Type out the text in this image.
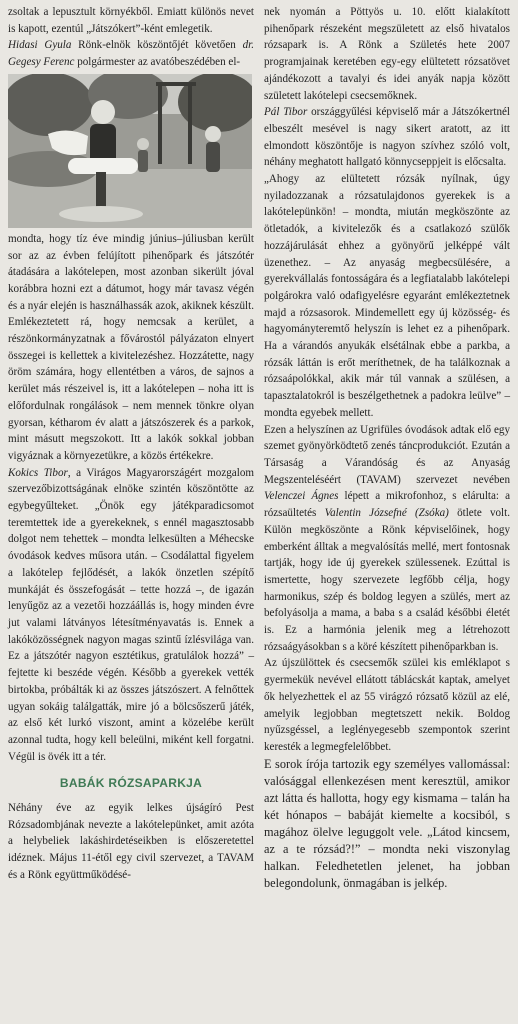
zsoltak a lepusztult környékből. Emiatt különös nevet is kapott, ezentúl „Játszókert”-ként emlegetik.

Hidasi Gyula Rönk-elnök köszöntőjét követően dr. Gegesy Ferenc polgármester az avatóbeszédében el-

mondta, hogy tíz éve mindig június–júliusban került sor az az évben felújított pihenőpark és játszótér átadására a lakótelepen, most azonban sikerült jóval korábbra hozni ezt a dátumot, hogy már tavasz végén és a nyár elején is használhassák azok, akiknek készült. Emlékeztetett rá, hogy nemcsak a kerület, a részönkormányzatnak a fővárostól pályázaton elnyert összegei is kellettek a kivitelezéshez. Hozzátette, nagy öröm számára, hogy ellentétben a város, de sajnos a kerület más részeivel is, itt a lakótelepen – noha itt is előfordulnak rongálások – nem mennek tönkre olyan gyorsan, kétharom év alatt a játszószerek és a parkok, mint másutt megszokott. Itt a lakók sokkal jobban vigyáznak a környezetükre, a közös értékekre.

Kokics Tibor, a Virágos Magyarországért mozgalom szervezőbizottságának elnöke szintén köszöntötte az egybegyűlteket. „Önök egy játékparadicsomot teremtettek ide a gyerekeknek, s ennél magasztosabb dolgot nem tehettek – mondta lelkesülten a Méhecske óvodások kedves műsora után. – Csodálattal figyelem a lakótelep fejlődését, a lakók önzetlen szépítő munkáját és összefogását – tette hozzá –, de igazán lenyűgöz az a vezetői hozzáállás is, hogy minden évre jut valami látványos létesítményavatás is. Ennek a lakóközösségnek nagyon magas szintű ízlésvilága van. Ez a játszótér nagyon esztétikus, gratulálok hozzá” – fejtette ki beszéde végén. Később a gyerekek vették birtokba, próbálták ki az összes játszószert. A felnőttek ugyan sokáig találgatták, mire jó a bölcsőszerű játék, az első két lurkó viszont, amint a közelébe került azonnal tudta, hogy kell beleülni, miként kell forgatni. Végül is övék itt a tér.

BABÁK RÓZSAPARKJA

Néhány éve az egyik lelkes újságíró Pest Rózsadombjának nevezte a lakótelepünket, amit azóta a helybeliek lakáshirdetéseikben is előszeretettel idéznek. Május 11-étől egy civil szervezet, a TAVAM és a Rönk együttműködésé-

nek nyomán a Pöttyös u. 10. előtt kialakított pihenőpark részeként megszületett az első hivatalos rózsapark is. A Rönk a Születés hete 2007 programjainak keretében egy-egy elültetett rózsatövet ajándékozott a tavalyi és idei anyák napja között született lakótelepi csecsemőknek.

Pál Tibor országgyűlési képviselő már a Játszókertnél elbeszélt mesével is nagy sikert aratott, az itt elmondott köszöntője is nagyon szívhez szóló volt, néhány meghatott hallgató könnycseppjeit is előcsalta.

„Ahogy az elültetett rózsák nyílnak, úgy nyiladozzanak a rózsatulajdonos gyerekek is a lakótelepünkön! – mondta, miután megköszönte az ötletadók, a kivitelezők és a csatlakozó szülők hozzájárulását ehhez a gyönyörű jelképpé vált üzenethez. – Az anyaság megbecsülésére, a gyerekvállalás fontosságára és a legfiatalabb lakótelepi polgárokra való odafigyelésre egyaránt emlékeztetnek majd a rózsasorok. Mindemellett egy új közösség- és hagyományteremtő helyszín is lehet ez a pihenőpark. Ha a várandós anyukák elsétálnak ebbe a parkba, a rózsák láttán is erőt meríthetnek, de ha találkoznak a rózsaápolókkal, akik már túl vannak a szülésen, a tapasztalatokról is beszélgethetnek a padokra leülve” – mondta egyebek mellett.

Ezen a helyszínen az Ugrifüles óvodások adtak elő egy szemet gyönyörködtető zenés táncprodukciót. Ezután a Társaság a Várandóság és az Anyaság Megszenteléséért (TAVAM) szervezet nevében Velenczei Ágnes lépett a mikrofonhoz, s elárulta: a rózsaültetés Valentin Józsefné (Zsóka) ötlete volt. Külön megköszönte a Rönk képviselőinek, hogy emberként álltak a megvalósítás mellé, mert fontosnak tartják, hogy ide új gyerekek szülessenek. Ezúttal is ismertette, hogy szervezete legfőbb célja, hogy harmonikus, szép és boldog legyen a szülés, mert az befolyásolja a mama, a baba s a család későbbi életét is. Ez a harmónia jelenik meg a létrehozott rózsaágyásokban s a köré készített pihenőparkban is.

Az újszülöttek és csecsemők szülei kis emléklapot s gyermekük nevével ellátott táblácskát kaptak, amelyet ők helyezhettek el az 55 virágzó rózsatő közül az elé, amelyik legjobban megtetszett nekik. Boldog nyűzsgéssel, a leglényegesebb szempontok szerint keresték a legmegfelelőbbet.

E sorok írója tartozik egy személyes vallomással: valósággal ellenkezésen ment keresztül, amikor azt látta és hallotta, hogy egy kismama – talán ha két hónapos – babáját kiemelte a kocsiból, s magához ölelve leguggolt vele. „Látod kincsem, az a te rózsád?!” – mondta neki viszonylag halkan. Feledhetetlen jelenet, ha jobban belegondolunk, önmagában is jelkép.
